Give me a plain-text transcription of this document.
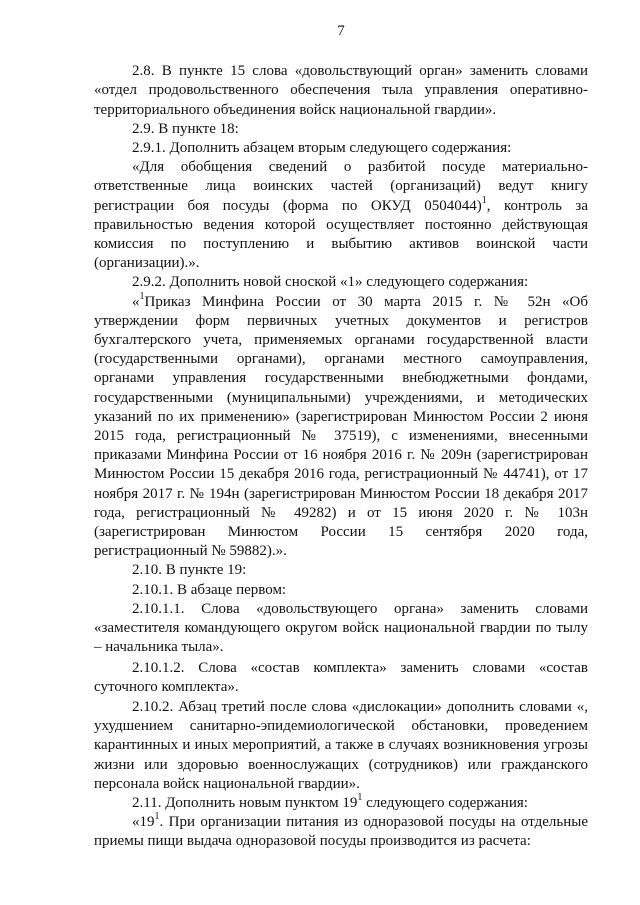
7

2.8. В пункте 15 слова «довольствующий орган» заменить словами «отдел продовольственного обеспечения тыла управления оперативно-территориального объединения войск национальной гвардии».

2.9. В пункте 18:

2.9.1. Дополнить абзацем вторым следующего содержания:

«Для обобщения сведений о разбитой посуде материально-ответственные лица воинских частей (организаций) ведут книгу регистрации боя посуды (форма по ОКУД 0504044)$^1$, контроль за правильностью ведения которой осуществляет постоянно действующая комиссия по поступлению и выбытию активов воинской части (организации).».

2.9.2. Дополнить новой сноской «1» следующего содержания:

«$^1$Приказ Минфина России от 30 марта 2015 г. № 52н «Об утверждении форм первичных учетных документов и регистров бухгалтерского учета, применяемых органами государственной власти (государственными органами), органами местного самоуправления, органами управления государственными внебюджетными фондами, государственными (муниципальными) учреждениями, и методических указаний по их применению» (зарегистрирован Минюстом России 2 июня 2015 года, регистрационный № 37519), с изменениями, внесенными приказами Минфина России от 16 ноября 2016 г. № 209н (зарегистрирован Минюстом России 15 декабря 2016 года, регистрационный № 44741), от 17 ноября 2017 г. № 194н (зарегистрирован Минюстом России 18 декабря 2017 года, регистрационный № 49282) и от 15 июня 2020 г. № 103н (зарегистрирован Минюстом России 15 сентября 2020 года, регистрационный № 59882).».

2.10. В пункте 19:

2.10.1. В абзаце первом:

2.10.1.1. Слова «довольствующего органа» заменить словами «заместителя командующего округом войск национальной гвардии по тылу – начальника тыла».

2.10.1.2. Слова «состав комплекта» заменить словами «состав суточного комплекта».

2.10.2. Абзац третий после слова «дислокации» дополнить словами «, ухудшением санитарно-эпидемиологической обстановки, проведением карантинных и иных мероприятий, а также в случаях возникновения угрозы жизни или здоровью военнослужащих (сотрудников) или гражданского персонала войск национальной гвардии».

2.11. Дополнить новым пунктом $19^1$ следующего содержания:

«$19^1$. При организации питания из одноразовой посуды на отдельные приемы пищи выдача одноразовой посуды производится из расчета:
